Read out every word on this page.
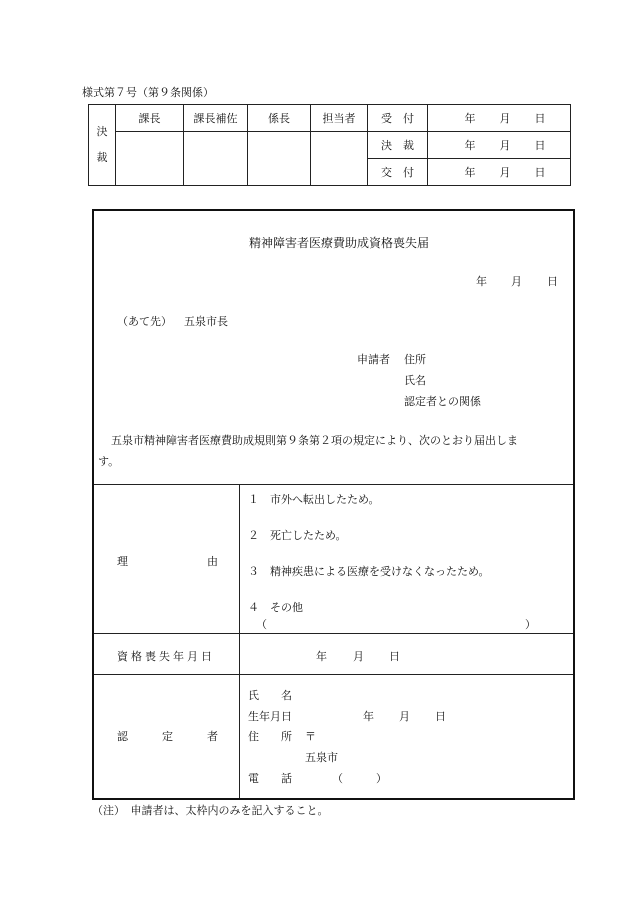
様式第７号（第９条関係）
決
裁	課長	課長補佐	係長	担当者	受　付	年 月 日
					決　裁	年 月 日
					交　付	年 月 日
精神障害者医療費助成資格喪失届
年 月 日
（あて先） 五泉市長
申請者 住所
氏名
認定者との関係
五泉市精神障害者医療費助成規則第９条第２項の規定により、次のとおり届出しま
す。
理	由
１　市外へ転出したため。
２　死亡したため。
３　精神疾患による医療を受けなくなったため。
４　その他
（	）
資格喪失年月日	年 月 日
認	定	者
氏　　名
生年月日	年 月 日
住　　所 〒
五泉市
電　　話	（　　　）
（注）　申請者は、太枠内のみを記入すること。
